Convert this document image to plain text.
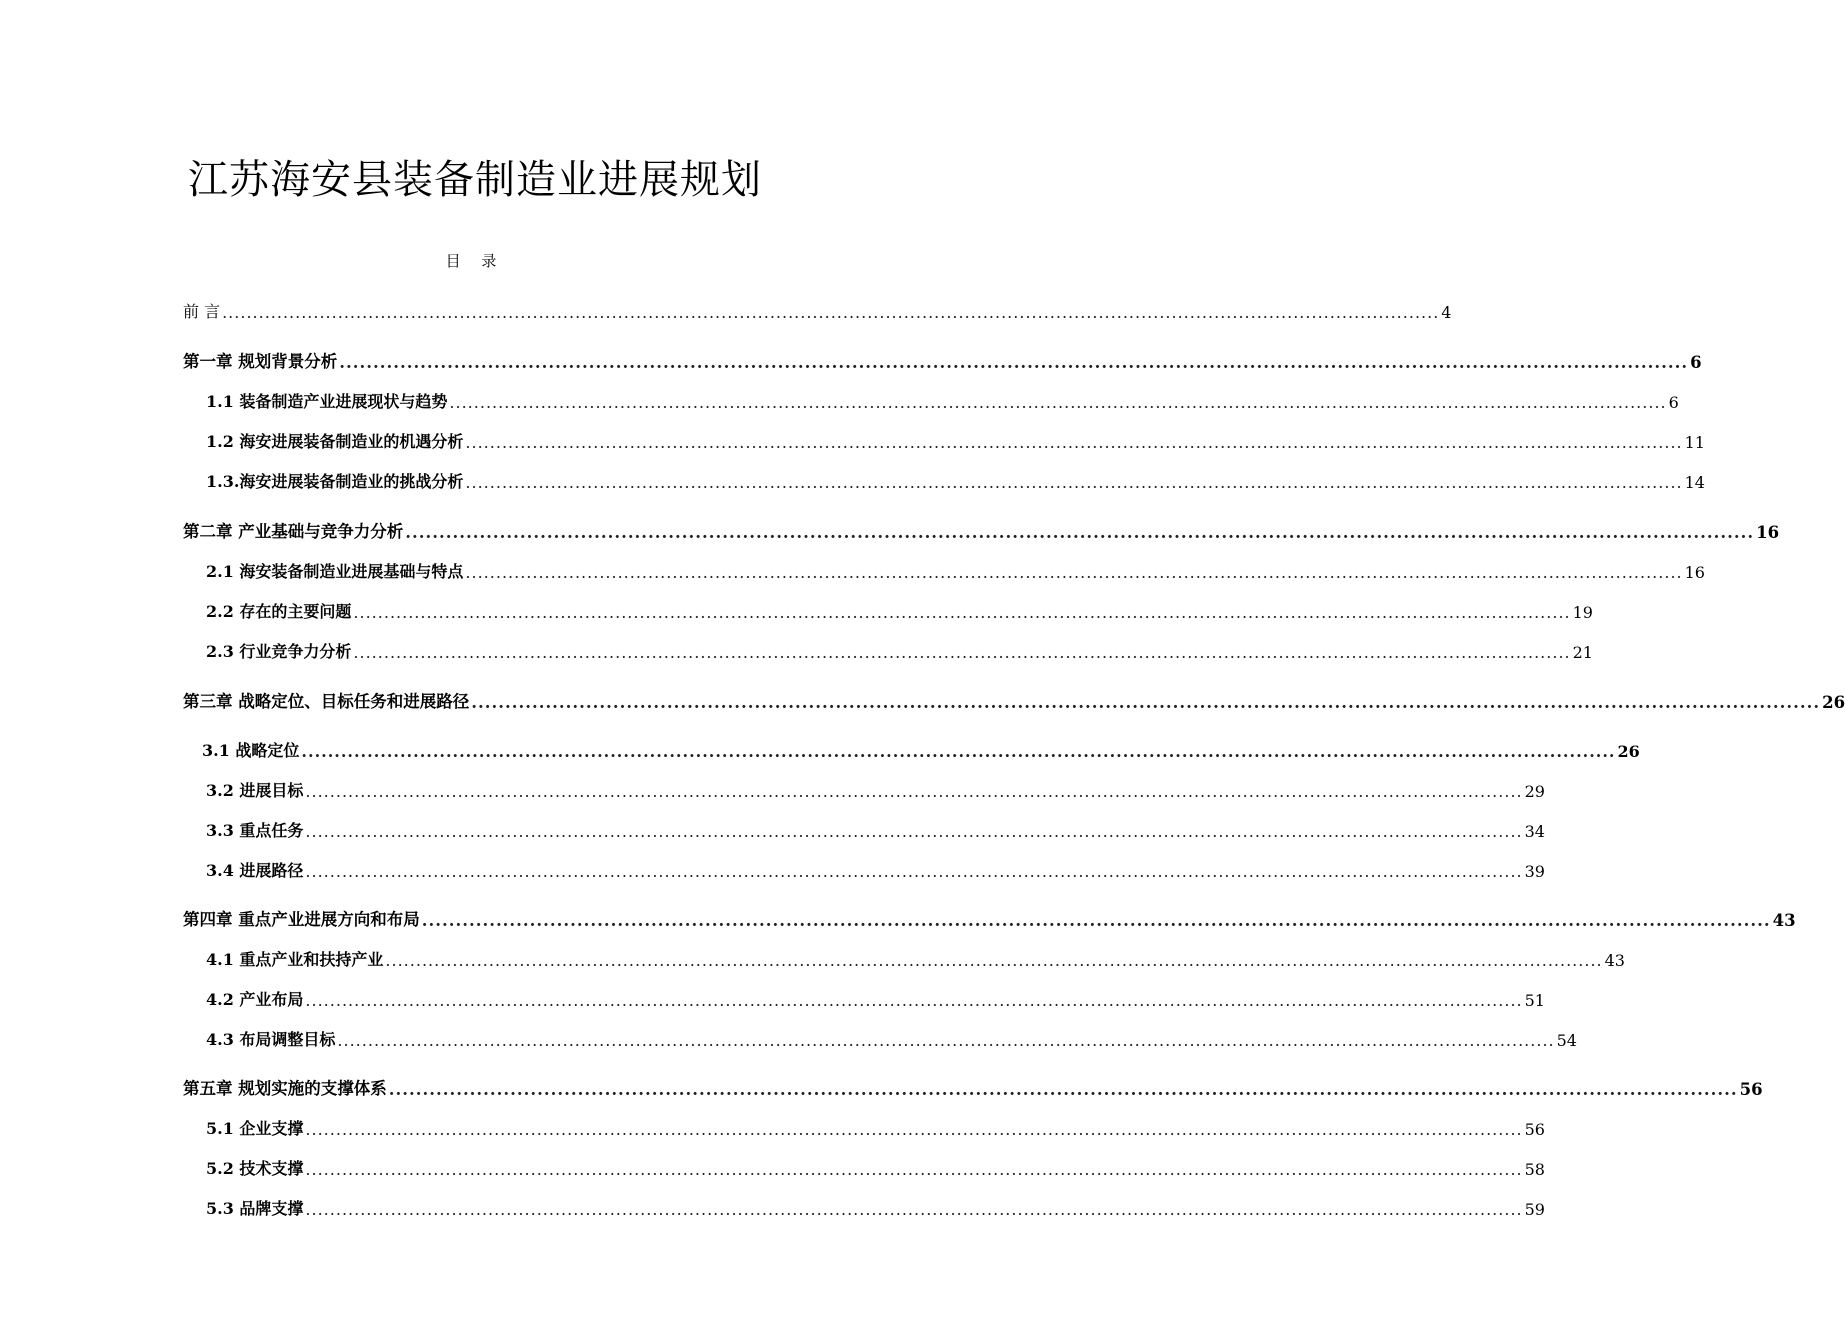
江苏海安县装备制造业进展规划
目 录
前 言 ........................................................................................................................................................................................................ 4
第一章 规划背景分析 ........................................................................................................................................................................................................ 6
1.1 装备制造产业进展现状与趋势 ........................................................................................................................................................................................................ 6
1.2 海安进展装备制造业的机遇分析 ........................................................................................................................................................................................................ 11
1.3.海安进展装备制造业的挑战分析 ........................................................................................................................................................................................................ 14
第二章 产业基础与竞争力分析 ........................................................................................................................................................................................................ 16
2.1 海安装备制造业进展基础与特点 ........................................................................................................................................................................................................ 16
2.2 存在的主要问题 ........................................................................................................................................................................................................ 19
2.3 行业竞争力分析 ........................................................................................................................................................................................................ 21
第三章 战略定位、目标任务和进展路径 ........................................................................................................................................................................................................ 26
3.1 战略定位 ........................................................................................................................................................................................................ 26
3.2 进展目标 ........................................................................................................................................................................................................ 29
3.3 重点任务 ........................................................................................................................................................................................................ 34
3.4 进展路径 ........................................................................................................................................................................................................ 39
第四章 重点产业进展方向和布局 ........................................................................................................................................................................................................ 43
4.1 重点产业和扶持产业 ........................................................................................................................................................................................................ 43
4.2 产业布局 ........................................................................................................................................................................................................ 51
4.3 布局调整目标 ........................................................................................................................................................................................................ 54
第五章 规划实施的支撑体系 ........................................................................................................................................................................................................ 56
5.1 企业支撑 ........................................................................................................................................................................................................ 56
5.2 技术支撑 ........................................................................................................................................................................................................ 58
5.3 品牌支撑 ........................................................................................................................................................................................................ 59
